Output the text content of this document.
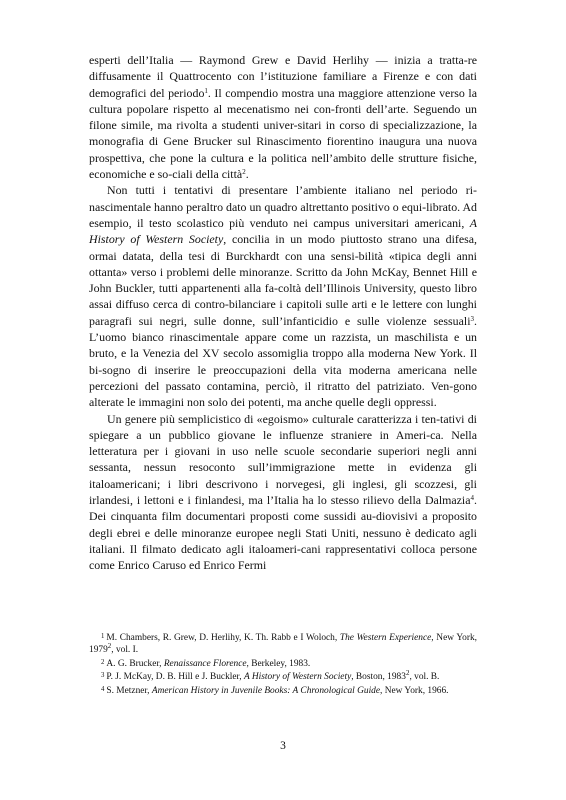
esperti dell’Italia — Raymond Grew e David Herlihy — inizia a tratta-re diffusamente il Quattrocento con l’istituzione familiare a Firenze e con dati demografici del periodo$^1$. Il compendio mostra una maggiore attenzione verso la cultura popolare rispetto al mecenatismo nei con-fronti dell’arte. Seguendo un filone simile, ma rivolta a studenti univer-sitari in corso di specializzazione, la monografia di Gene Brucker sul Rinascimento fiorentino inaugura una nuova prospettiva, che pone la cultura e la politica nell’ambito delle strutture fisiche, economiche e so-ciali della città$^2$.

Non tutti i tentativi di presentare l’ambiente italiano nel periodo ri-nascimentale hanno peraltro dato un quadro altrettanto positivo o equi-librato. Ad esempio, il testo scolastico più venduto nei campus universitari americani, A History of Western Society, concilia in un modo piuttosto strano una difesa, ormai datata, della tesi di Burckhardt con una sensi-bilità «tipica degli anni ottanta» verso i problemi delle minoranze. Scritto da John McKay, Bennet Hill e John Buckler, tutti appartenenti alla fa-coltà dell’Illinois University, questo libro assai diffuso cerca di contro-bilanciare i capitoli sulle arti e le lettere con lunghi paragrafi sui negri, sulle donne, sull’infanticidio e sulle violenze sessuali$^3$. L’uomo bianco rinascimentale appare come un razzista, un maschilista e un bruto, e la Venezia del XV secolo assomiglia troppo alla moderna New York. Il bi-sogno di inserire le preoccupazioni della vita moderna americana nelle percezioni del passato contamina, perciò, il ritratto del patriziato. Ven-gono alterate le immagini non solo dei potenti, ma anche quelle degli oppressi.

Un genere più semplicistico di «egoismo» culturale caratterizza i ten-tativi di spiegare a un pubblico giovane le influenze straniere in Ameri-ca. Nella letteratura per i giovani in uso nelle scuole secondarie superiori negli anni sessanta, nessun resoconto sull’immigrazione mette in evidenza gli italoamericani; i libri descrivono i norvegesi, gli inglesi, gli scozzesi, gli irlandesi, i lettoni e i finlandesi, ma l’Italia ha lo stesso rilievo della Dalmazia$^4$. Dei cinquanta film documentari proposti come sussidi au-diovisivi a proposito degli ebrei e delle minoranze europee negli Stati Uniti, nessuno è dedicato agli italiani. Il filmato dedicato agli italoameri-cani rappresentativi colloca persone come Enrico Caruso ed Enrico Fermi

$^1$ M. Chambers, R. Grew, D. Herlihy, K. Th. Rabb e I Woloch, The Western Experience, New York, 1979$^2$, vol. I.

$^2$ A. G. Brucker, Renaissance Florence, Berkeley, 1983.

$^3$ P. J. McKay, D. B. Hill e J. Buckler, A History of Western Society, Boston, 1983$^2$, vol. B.

$^4$ S. Metzner, American History in Juvenile Books: A Chronological Guide, New York, 1966.

3
